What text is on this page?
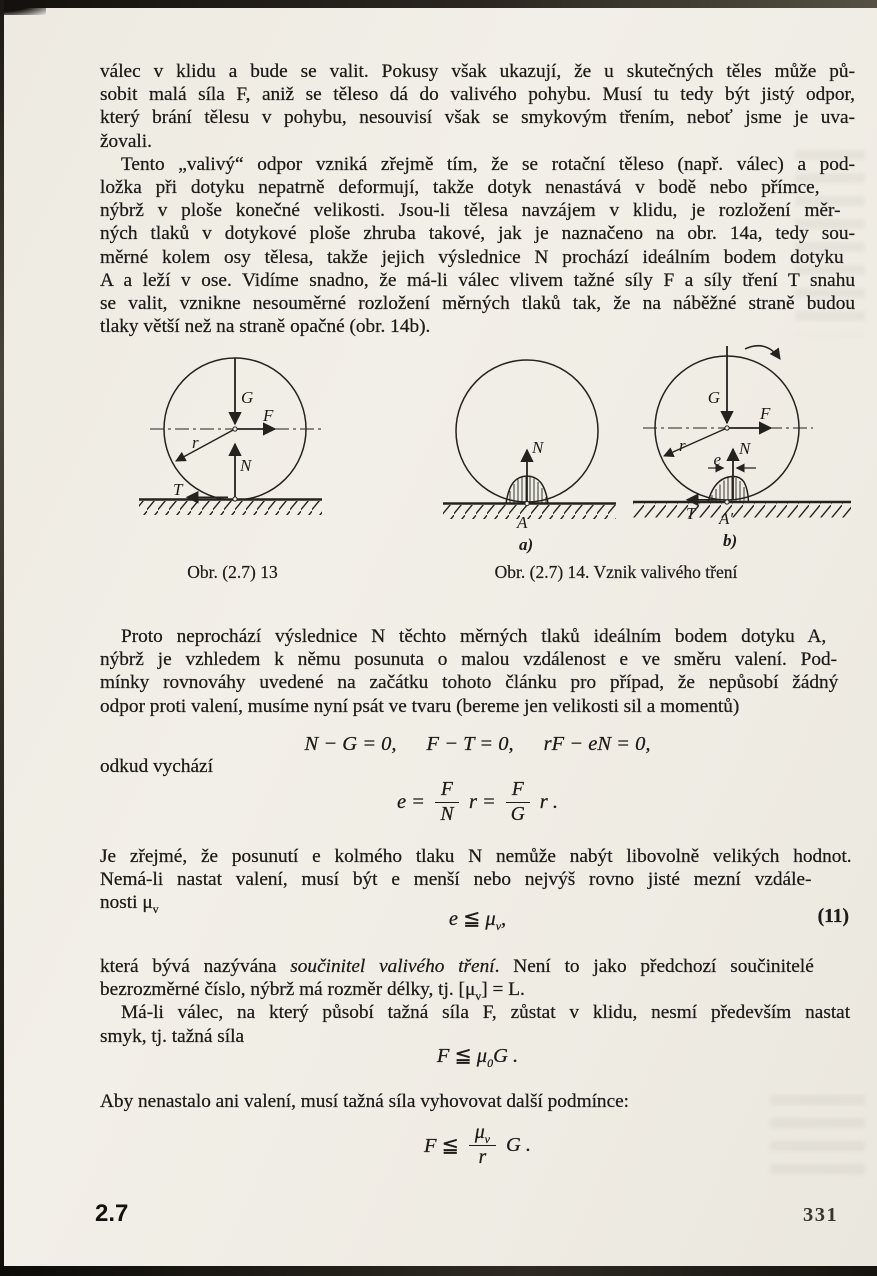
válec v klidu a bude se valit. Pokusy však ukazují, že u skutečných těles může pů-
sobit malá síla F, aniž se těleso dá do valivého pohybu. Musí tu tedy být jistý odpor,
který brání tělesu v pohybu, nesouvisí však se smykovým třením, neboť jsme je uva-
žovali.
Tento „valivý“ odpor vzniká zřejmě tím, že se rotační těleso (např. válec) a pod-
ložka při dotyku nepatrně deformují, takže dotyk nenastává v bodě nebo přímce,
nýbrž v ploše konečné velikosti. Jsou-li tělesa navzájem v klidu, je rozložení měr-
ných tlaků v dotykové ploše zhruba takové, jak je naznačeno na obr. 14a, tedy sou-
měrné kolem osy tělesa, takže jejich výslednice N prochází ideálním bodem dotyku
A a leží v ose. Vidíme snadno, že má-li válec vlivem tažné síly F a síly tření T snahu
se valit, vznikne nesouměrné rozložení měrných tlaků tak, že na náběžné straně budou
tlaky větší než na straně opačné (obr. 14b).
G
F
r
N
T
N
A
a)
G
F
r	N
e
T A′
b)
Obr. (2.7) 13	Obr. (2.7) 14. Vznik valivého tření
Proto neprochází výslednice N těchto měrných tlaků ideálním bodem dotyku A,
nýbrž je vzhledem k němu posunuta o malou vzdálenost e ve směru valení. Pod-
mínky rovnováhy uvedené na začátku tohoto článku pro případ, že nepůsobí žádný
odpor proti valení, musíme nyní psát ve tvaru (bereme jen velikosti sil a momentů)
N − G = 0, F − T = 0, rF − eN = 0,
odkud vychází
$e = \frac{F}{N}$ $r = \frac{F}{G}$ r .
Je zřejmé, že posunutí e kolmého tlaku N nemůže nabýt libovolně velikých hodnot.
Nemá-li nastat valení, musí být e menší nebo nejvýš rovno jisté mezní vzdále-
nosti $\mu_v$	e ≦ $\mu_v$,	(11)
která bývá nazývána součinitel valivého tření. Není to jako předchozí součinitelé
bezrozměrné číslo, nýbrž má rozměr délky, tj. $[\mu_v] = L$.
Má-li válec, na který působí tažná síla F, zůstat v klidu, nesmí především nastat
smyk, tj. tažná síla
F ≦ $\mu_0G$ .
Aby nenastalo ani valení, musí tažná síla vyhovovat další podmínce:
F ≦ $\frac{\mu_v}{r}$ G .
2.7	331
